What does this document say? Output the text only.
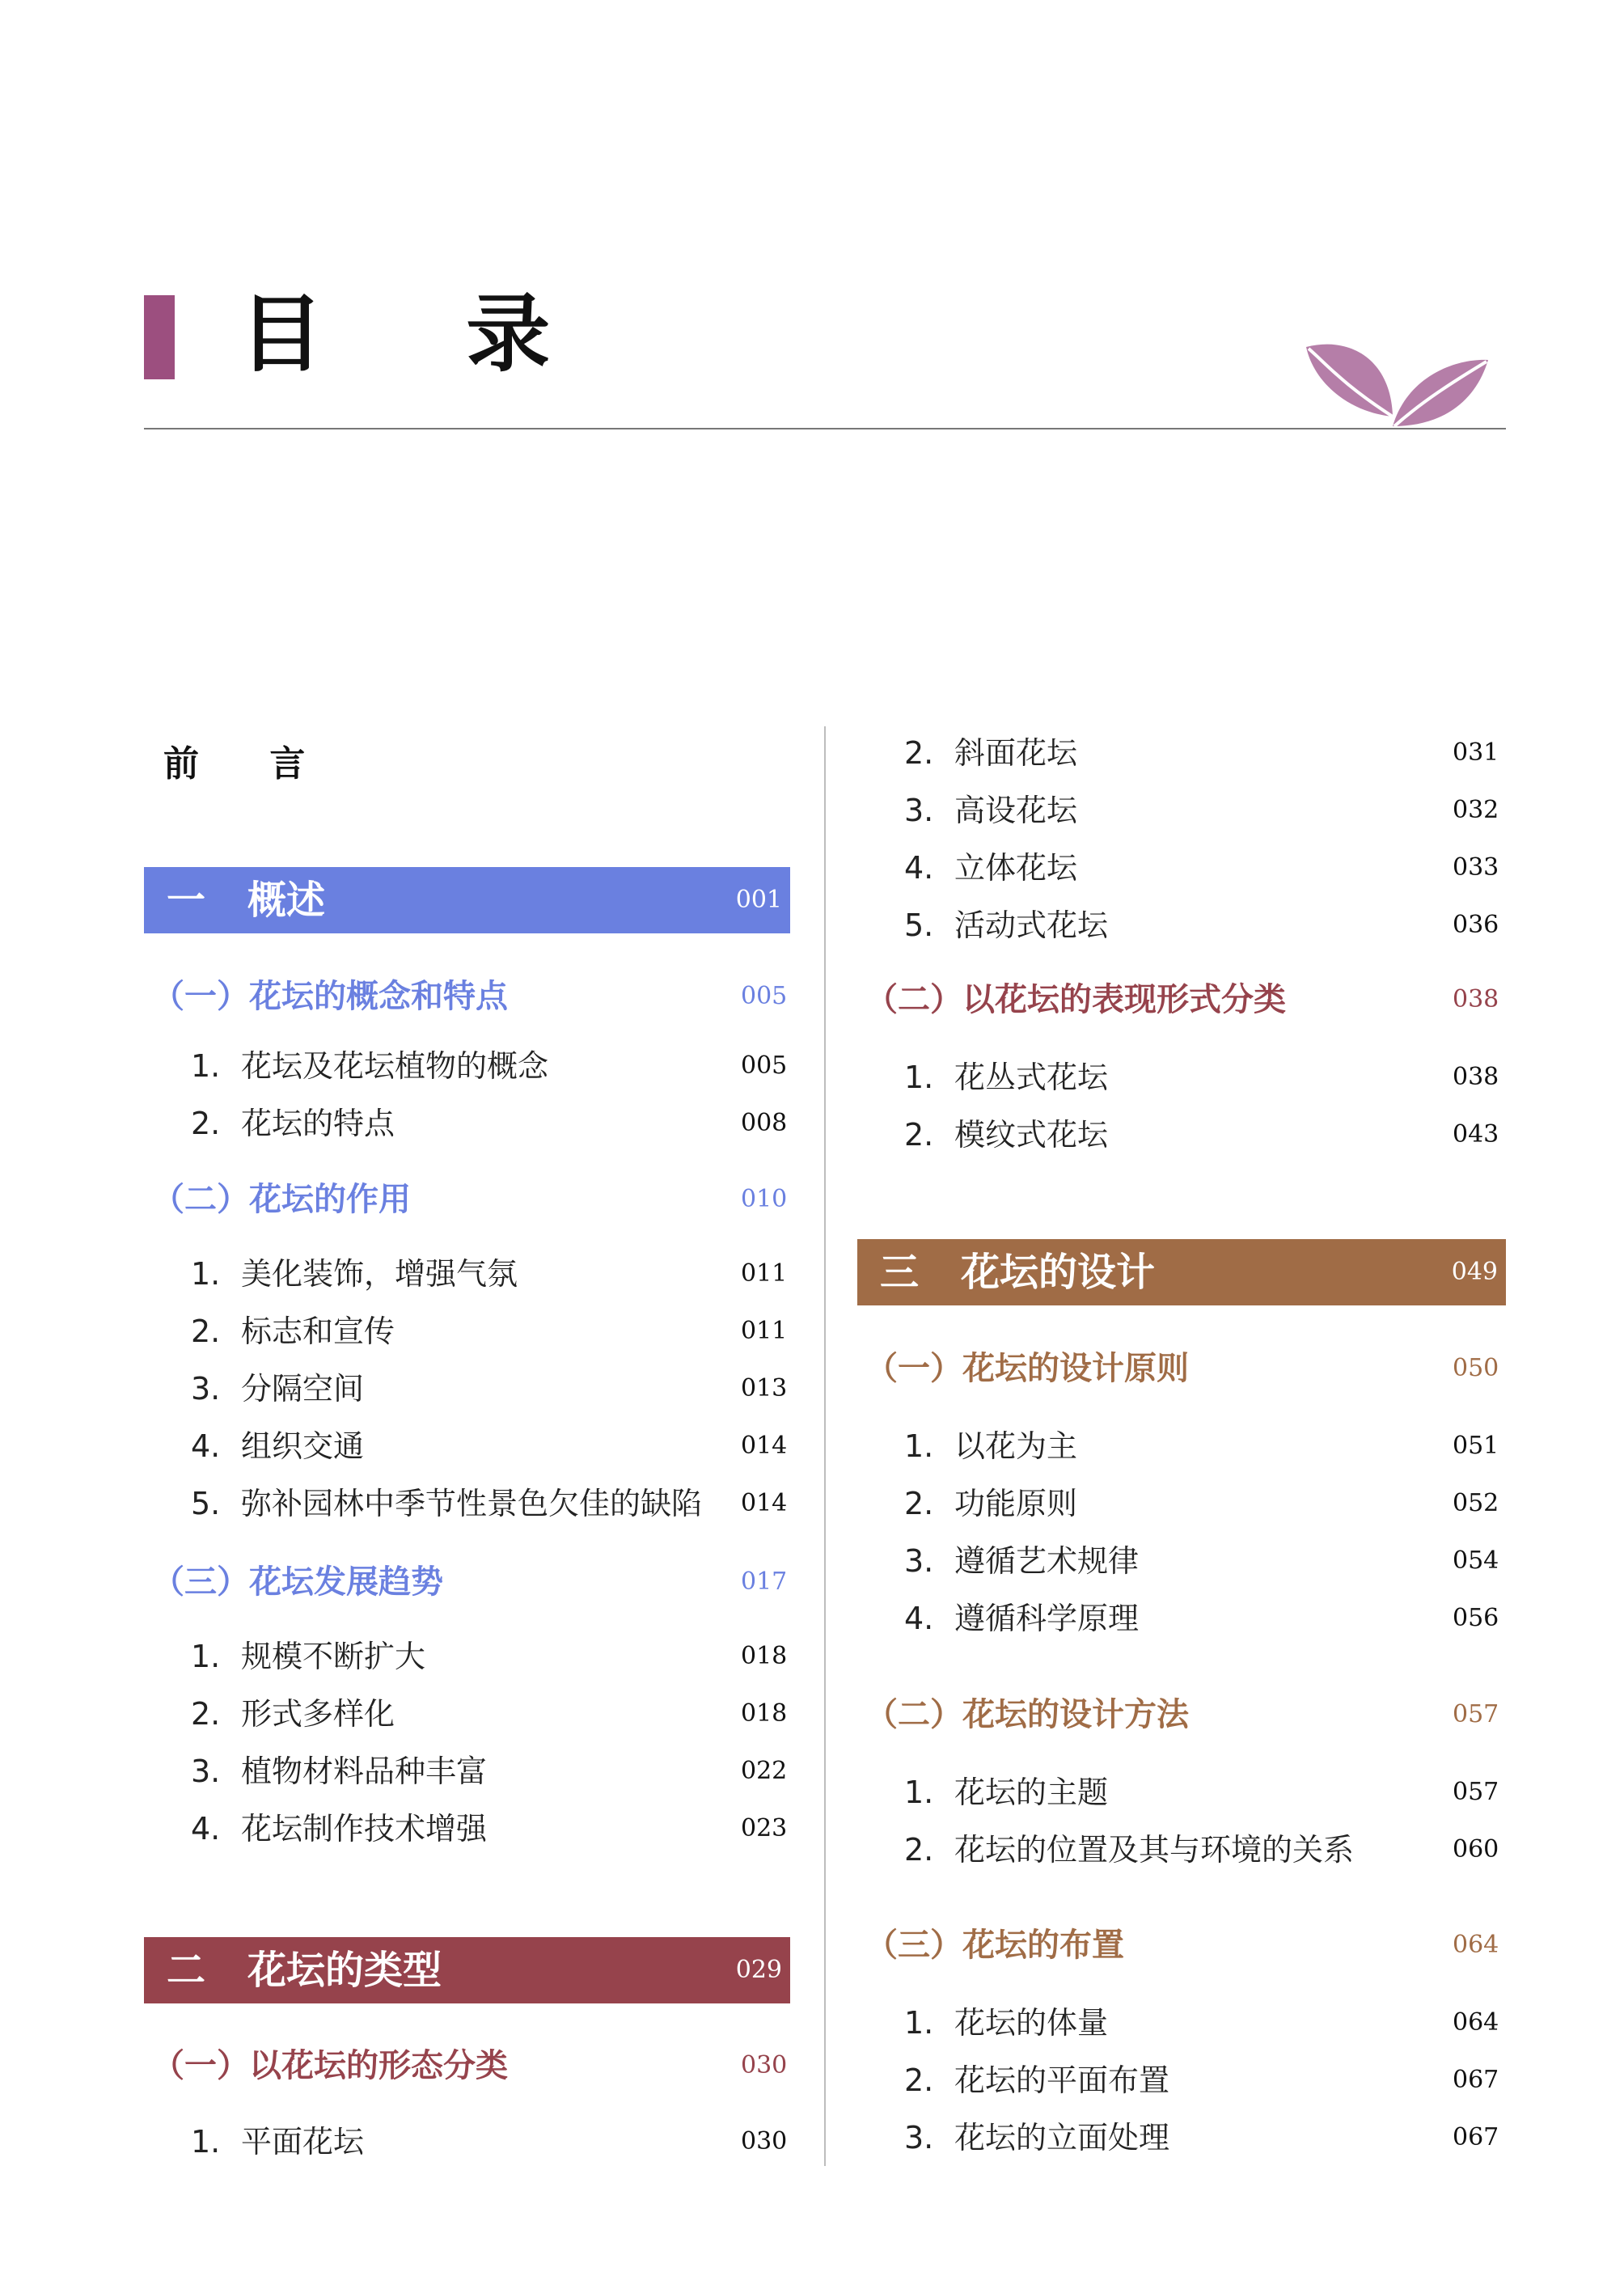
目 录
前 言
一 概述	001
（一）花坛的概念和特点	005
1. 花坛及花坛植物的概念	005
2. 花坛的特点	008
（二）花坛的作用	010
1. 美化装饰，增强气氛	011
2. 标志和宣传	011
3. 分隔空间	013
4. 组织交通	014
5. 弥补园林中季节性景色欠佳的缺陷 014
（三）花坛发展趋势	017
1. 规模不断扩大	018
2. 形式多样化	018
3. 植物材料品种丰富	022
4. 花坛制作技术增强	023
二 花坛的类型	029
（一）以花坛的形态分类	030
1. 平面花坛	030
2. 斜面花坛	031
3. 高设花坛	032
4. 立体花坛	033
5. 活动式花坛	036
（二）以花坛的表现形式分类	038
1. 花丛式花坛	038
2. 模纹式花坛	043
三 花坛的设计	049
（一）花坛的设计原则	050
1. 以花为主	051
2. 功能原则	052
3. 遵循艺术规律	054
4. 遵循科学原理	056
（二）花坛的设计方法	057
1. 花坛的主题	057
2. 花坛的位置及其与环境的关系	060
（三）花坛的布置	064
1. 花坛的体量	064
2. 花坛的平面布置	067
3. 花坛的立面处理	067
